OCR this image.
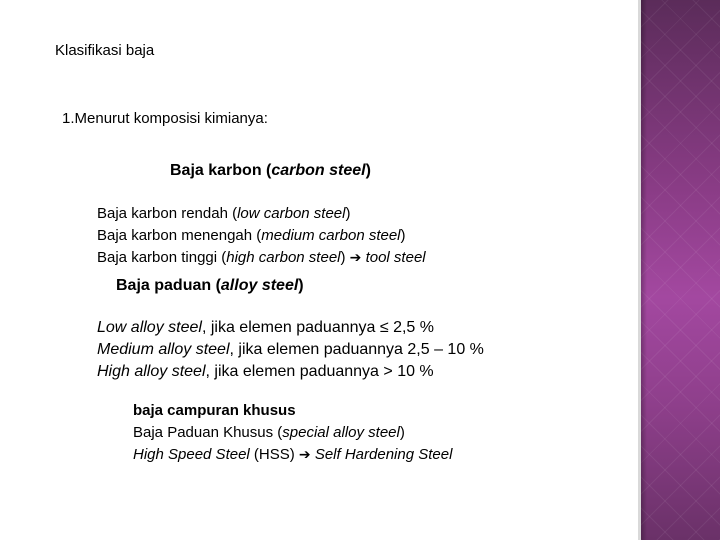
Klasifikasi baja
1.Menurut komposisi kimianya:
Baja karbon (carbon steel)
Baja karbon rendah (low carbon steel)
Baja karbon menengah (medium carbon steel)
Baja karbon tinggi (high carbon steel) ➔ tool steel
Baja paduan (alloy steel)
Low alloy steel, jika elemen paduannya ≤ 2,5 %
Medium alloy steel, jika elemen paduannya 2,5 – 10 %
High alloy steel, jika elemen paduannya > 10 %
baja campuran khusus
Baja Paduan Khusus (special alloy steel)
High Speed Steel (HSS) ➔ Self Hardening Steel
